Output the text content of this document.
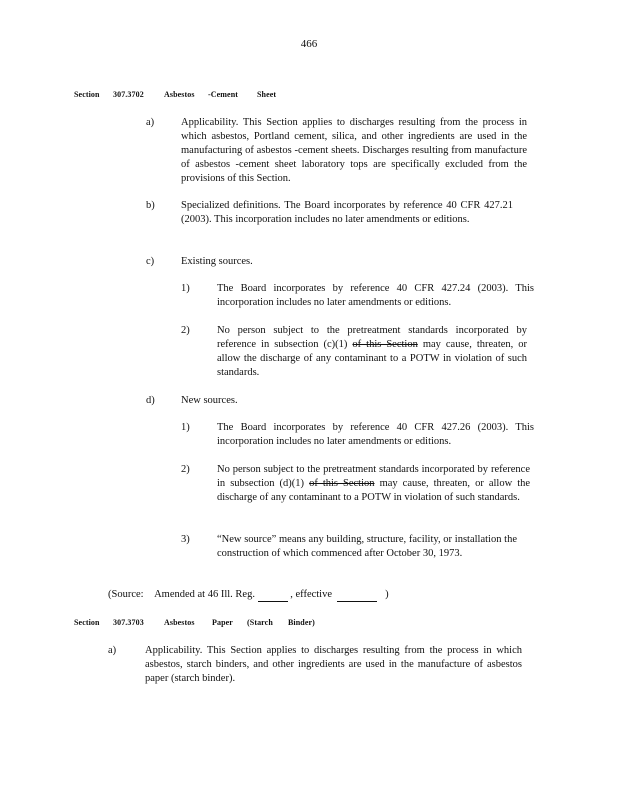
466
Section 307.3702	Asbestos -Cement Sheet
a)	Applicability. This Section applies to discharges resulting from the process in which asbestos, Portland cement, silica, and other ingredients are used in the manufacturing of asbestos -cement sheets. Discharges resulting from manufacture of asbestos -cement sheet laboratory tops are specifically excluded from the provisions of this Section.
b)	Specialized definitions. The Board incorporates by reference 40 CFR 427.21 (2003). This incorporation includes no later amendments or editions.
c)	Existing sources.
1)	The Board incorporates by reference 40 CFR 427.24 (2003). This incorporation includes no later amendments or editions.
2)	No person subject to the pretreatment standards incorporated by reference in subsection (c)(1) of this Section may cause, threaten, or allow the discharge of any contaminant to a POTW in violation of such standards.
d)	New sources.
1)	The Board incorporates by reference 40 CFR 427.26 (2003). This incorporation includes no later amendments or editions.
2)	No person subject to the pretreatment standards incorporated by reference in subsection (d)(1) of this Section may cause, threaten, or allow the discharge of any contaminant to a POTW in violation of such standards.
3)	“New source” means any building, structure, facility, or installation the construction of which commenced after October 30, 1973.
(Source: Amended at 46 Ill. Reg.	, effective	)
Section 307.3703	Asbestos Paper (Starch Binder)
a)	Applicability. This Section applies to discharges resulting from the process in which asbestos, starch binders, and other ingredients are used in the manufacture of asbestos paper (starch binder).
